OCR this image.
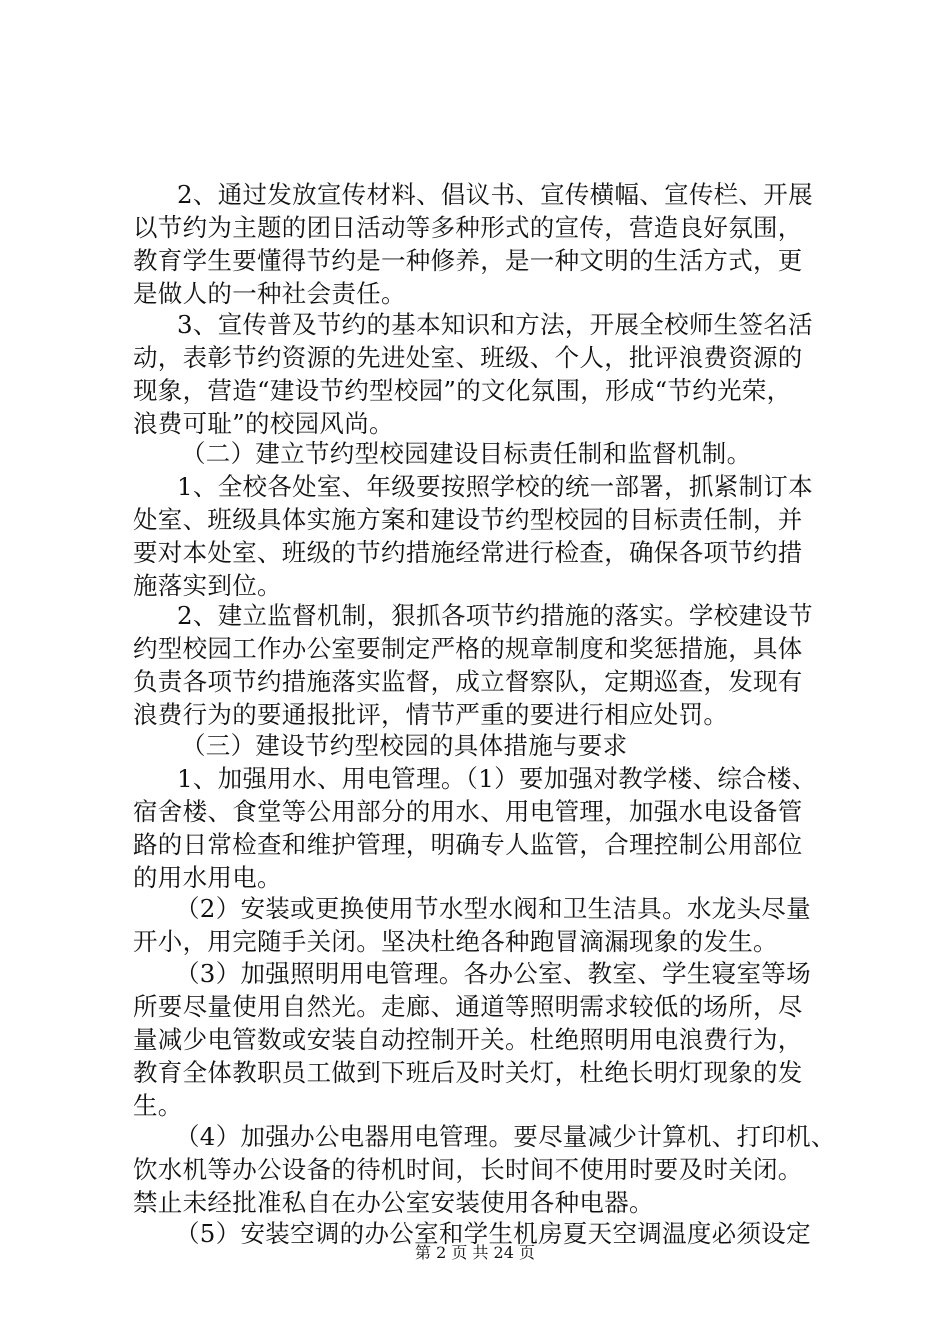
2、通过发放宣传材料、倡议书、宣传横幅、宣传栏、开展
以节约为主题的团日活动等多种形式的宣传，营造良好氛围，
教育学生要懂得节约是一种修养，是一种文明的生活方式，更
是做人的一种社会责任。
3、宣传普及节约的基本知识和方法，开展全校师生签名活
动，表彰节约资源的先进处室、班级、个人，批评浪费资源的
现象，营造“建设节约型校园”的文化氛围，形成“节约光荣，
浪费可耻”的校园风尚。
（二）建立节约型校园建设目标责任制和监督机制。
1、全校各处室、年级要按照学校的统一部署，抓紧制订本
处室、班级具体实施方案和建设节约型校园的目标责任制，并
要对本处室、班级的节约措施经常进行检查，确保各项节约措
施落实到位。
2、建立监督机制，狠抓各项节约措施的落实。学校建设节
约型校园工作办公室要制定严格的规章制度和奖惩措施，具体
负责各项节约措施落实监督，成立督察队，定期巡查，发现有
浪费行为的要通报批评，情节严重的要进行相应处罚。
（三）建设节约型校园的具体措施与要求
1、加强用水、用电管理。（1）要加强对教学楼、综合楼、
宿舍楼、食堂等公用部分的用水、用电管理，加强水电设备管
路的日常检查和维护管理，明确专人监管，合理控制公用部位
的用水用电。
（2）安装或更换使用节水型水阀和卫生洁具。水龙头尽量
开小，用完随手关闭。坚决杜绝各种跑冒滴漏现象的发生。
（3）加强照明用电管理。各办公室、教室、学生寝室等场
所要尽量使用自然光。走廊、通道等照明需求较低的场所，尽
量减少电管数或安装自动控制开关。杜绝照明用电浪费行为，
教育全体教职员工做到下班后及时关灯，杜绝长明灯现象的发
生。
（4）加强办公电器用电管理。要尽量减少计算机、打印机、
饮水机等办公设备的待机时间，长时间不使用时要及时关闭。
禁止未经批准私自在办公室安装使用各种电器。
（5）安装空调的办公室和学生机房夏天空调温度必须设定
第 2 页 共 24 页
